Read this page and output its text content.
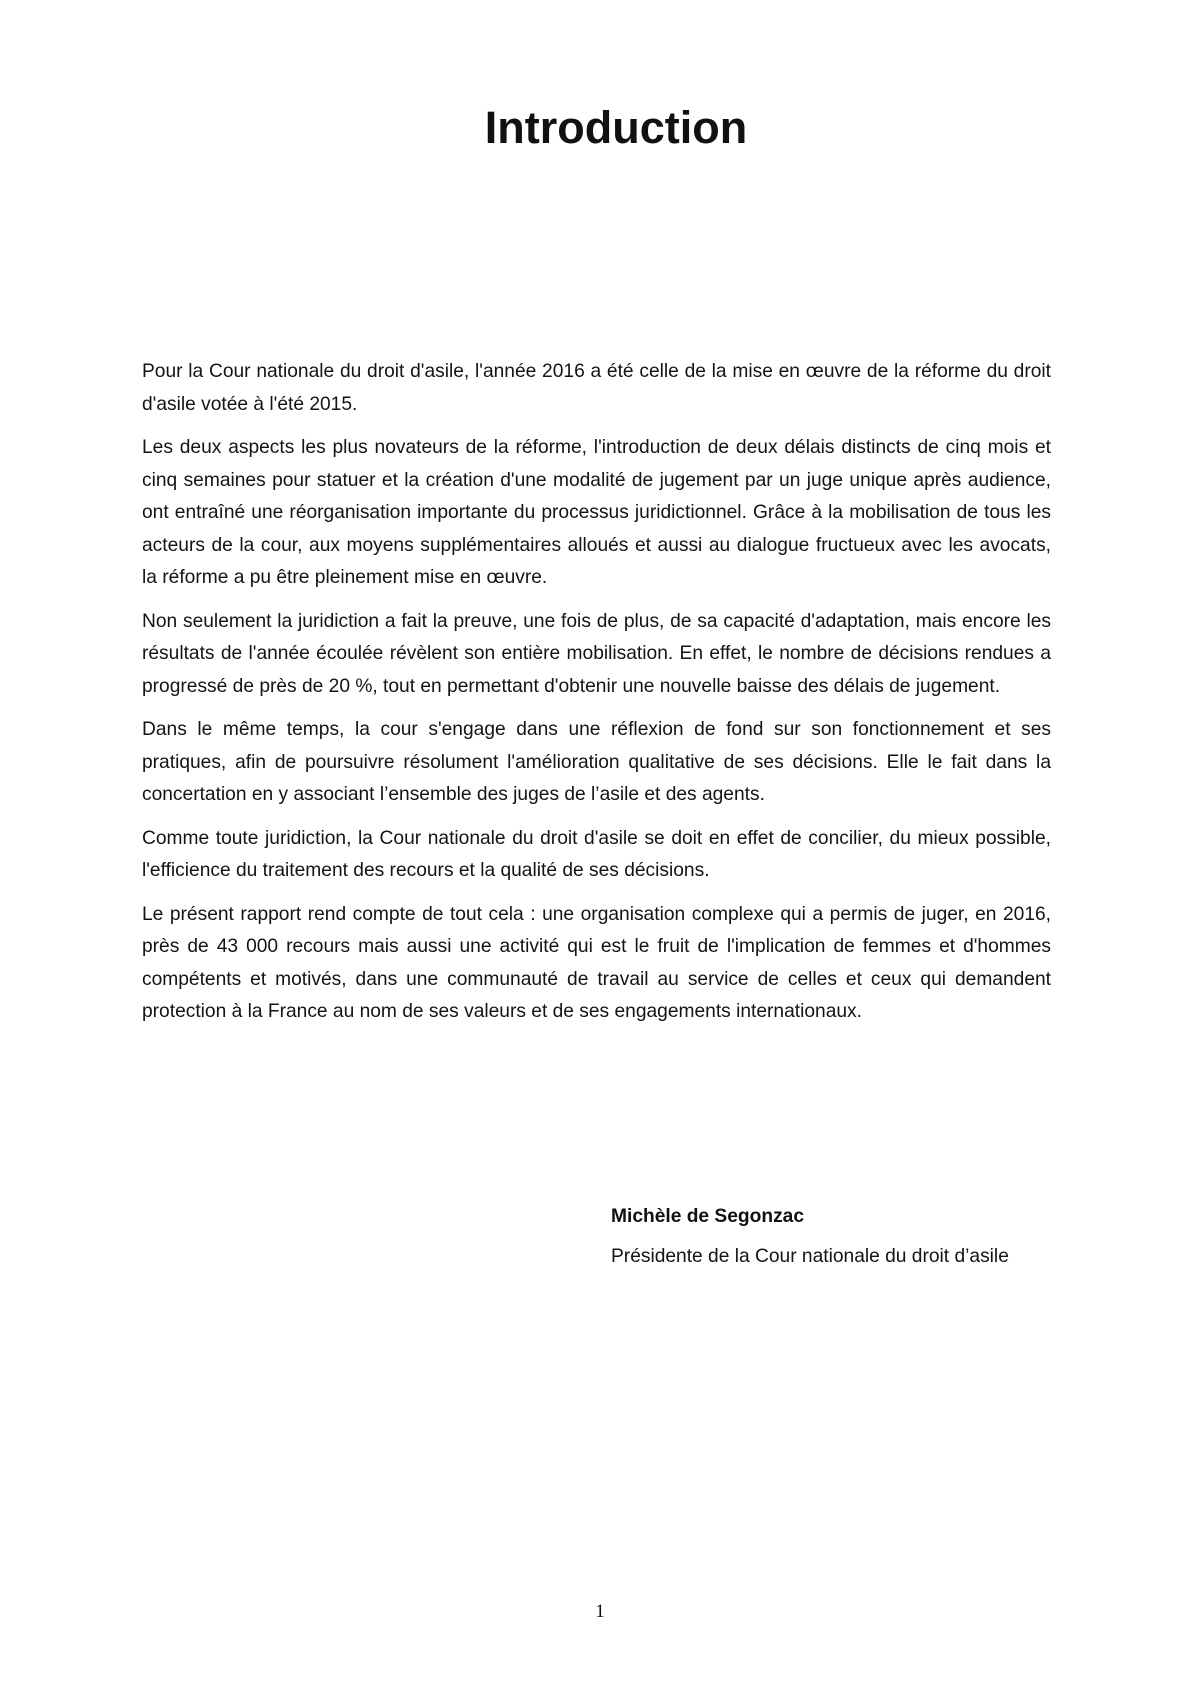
Introduction

Pour la Cour nationale du droit d'asile, l'année 2016 a été celle de la mise en œuvre de la réforme du droit d'asile votée à l'été 2015.

Les deux aspects les plus novateurs de la réforme, l'introduction de deux délais distincts de cinq mois et cinq semaines pour statuer et la création d'une modalité de jugement par un juge unique après audience, ont entraîné une réorganisation importante du processus juridictionnel. Grâce à la mobilisation de tous les acteurs de la cour, aux moyens supplémentaires alloués et aussi au dialogue fructueux avec les avocats, la réforme a pu être pleinement mise en œuvre.

Non seulement la juridiction a fait la preuve, une fois de plus, de sa capacité d'adaptation, mais encore les résultats de l'année écoulée révèlent son entière mobilisation. En effet, le nombre de décisions rendues a progressé de près de 20 %, tout en permettant d'obtenir une nouvelle baisse des délais de jugement.

Dans le même temps, la cour s'engage dans une réflexion de fond sur son fonctionnement et ses pratiques, afin de poursuivre résolument l'amélioration qualitative de ses décisions. Elle le fait dans la concertation en y associant l’ensemble des juges de l’asile et des agents.

Comme toute juridiction, la Cour nationale du droit d'asile se doit en effet de concilier, du mieux possible, l'efficience du traitement des recours et la qualité de ses décisions.

Le présent rapport rend compte de tout cela : une organisation complexe qui a permis de juger, en 2016, près de 43 000 recours mais aussi une activité qui est le fruit de l'implication de femmes et d'hommes compétents et motivés, dans une communauté de travail au service de celles et ceux qui demandent protection à la France au nom de ses valeurs et de ses engagements internationaux.

Michèle de Segonzac

Présidente de la Cour nationale du droit d’asile

1
